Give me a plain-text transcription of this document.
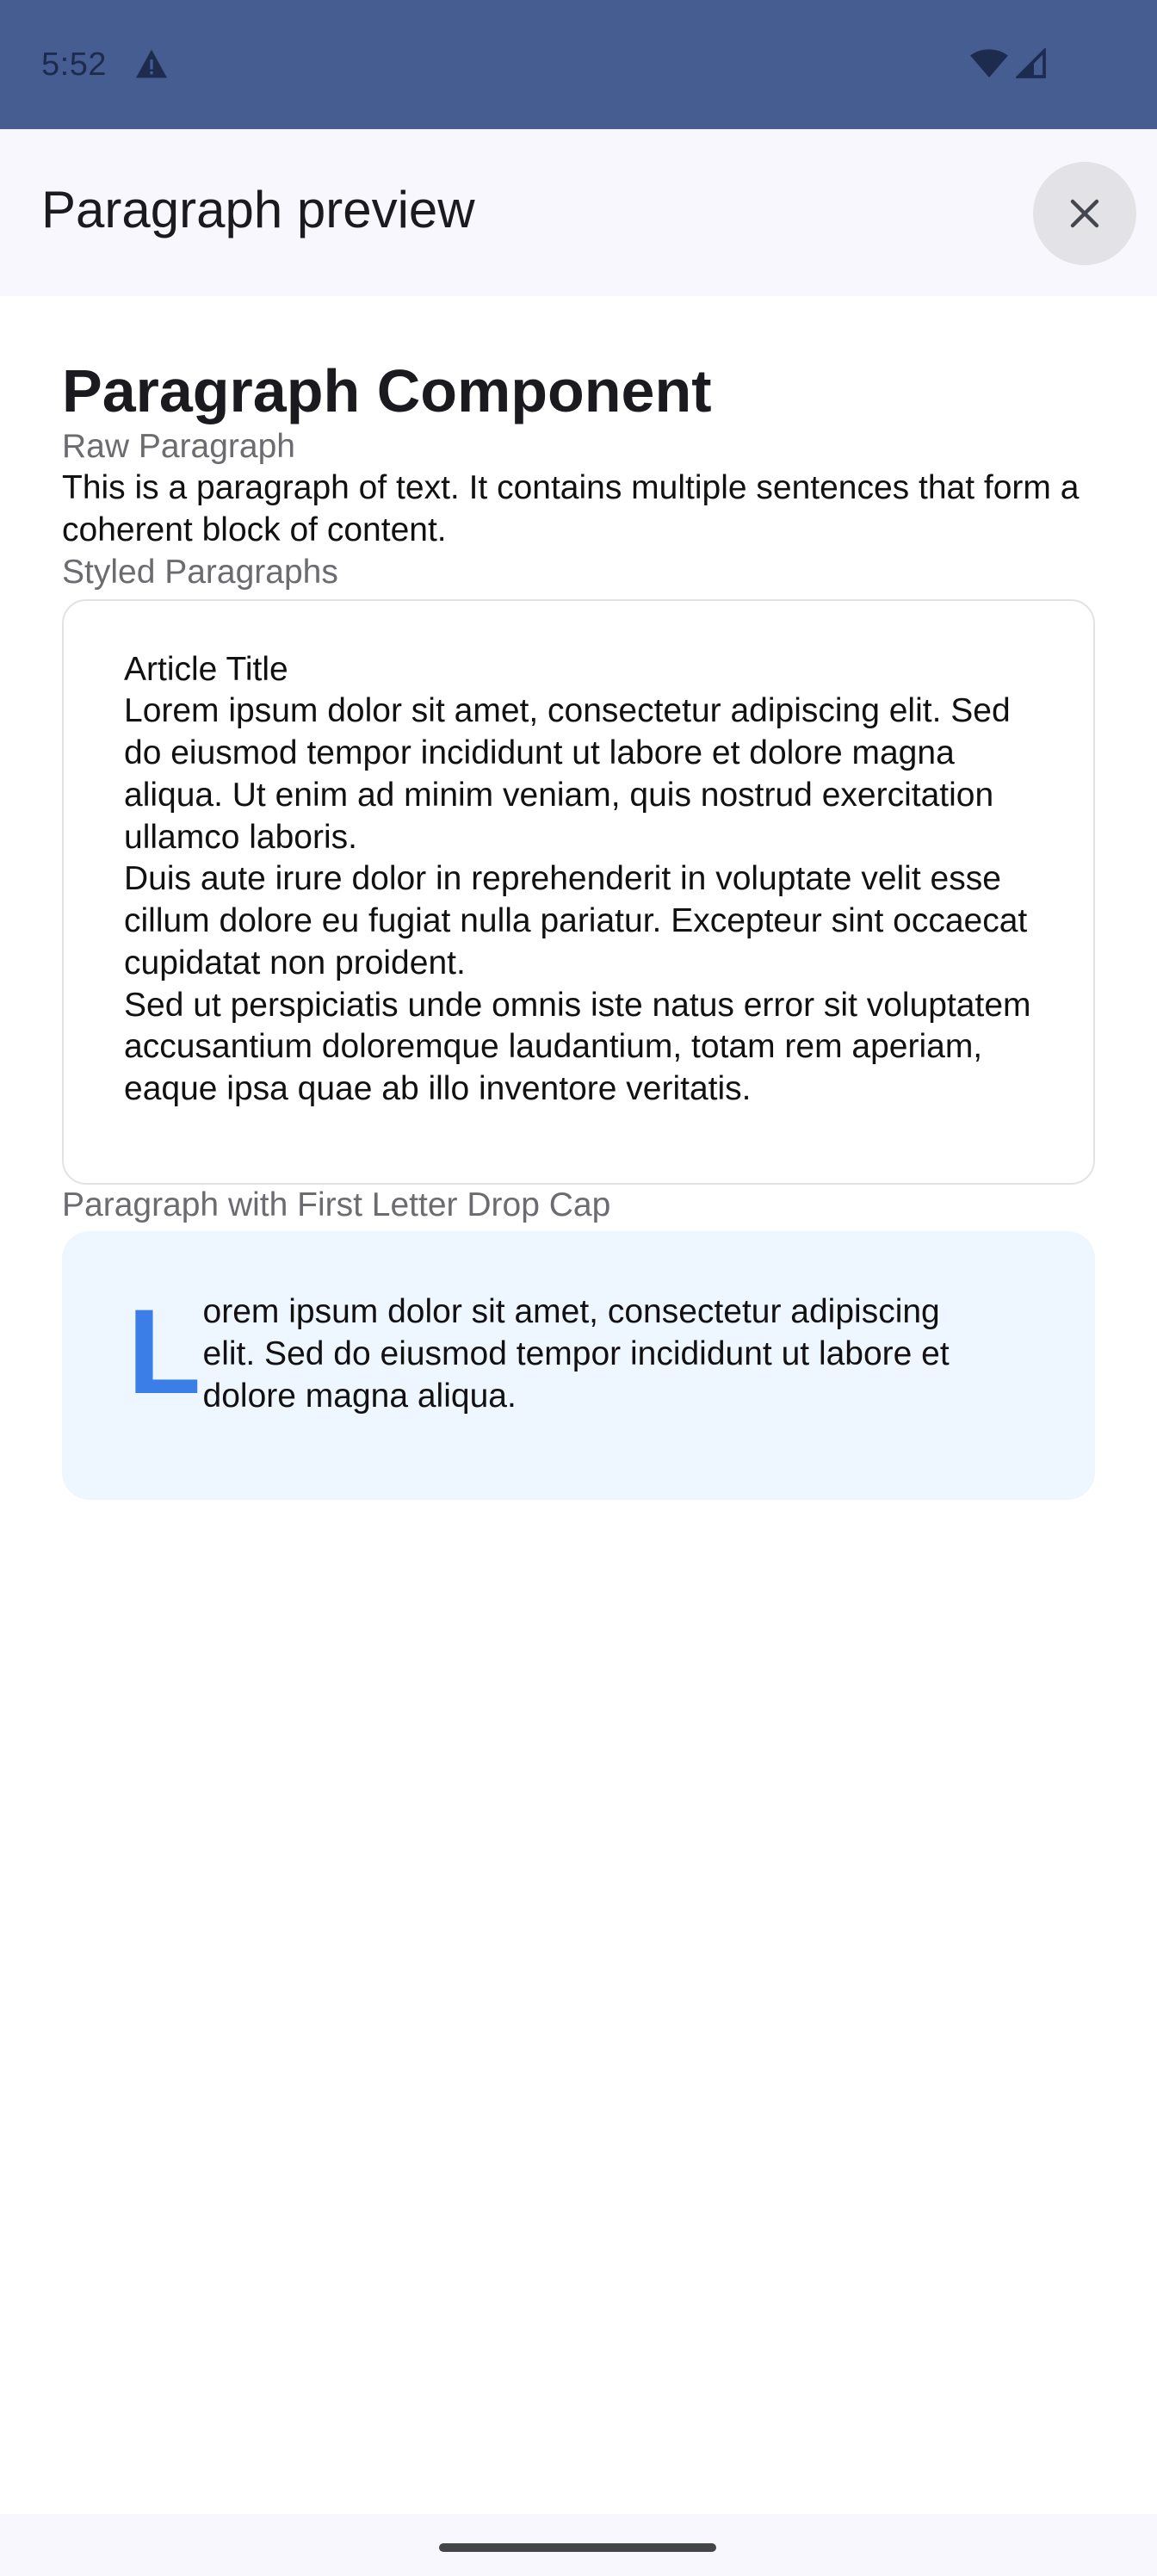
5:52
Paragraph preview
Paragraph Component
Raw Paragraph
This is a paragraph of text. It contains multiple sentences that form a coherent block of content.
Styled Paragraphs
Article Title

Lorem ipsum dolor sit amet, consectetur adipiscing elit. Sed do eiusmod tempor incididunt ut labore et dolore magna aliqua. Ut enim ad minim veniam, quis nostrud exercitation ullamco laboris.

Duis aute irure dolor in reprehenderit in voluptate velit esse cillum dolore eu fugiat nulla pariatur. Excepteur sint occaecat cupidatat non proident.

Sed ut perspiciatis unde omnis iste natus error sit voluptatem accusantium doloremque laudantium, totam rem aperiam, eaque ipsa quae ab illo inventore veritatis.

Paragraph with First Letter Drop Cap
L orem ipsum dolor sit amet, consectetur adipiscing elit. Sed do eiusmod tempor incididunt ut labore et dolore magna aliqua.
